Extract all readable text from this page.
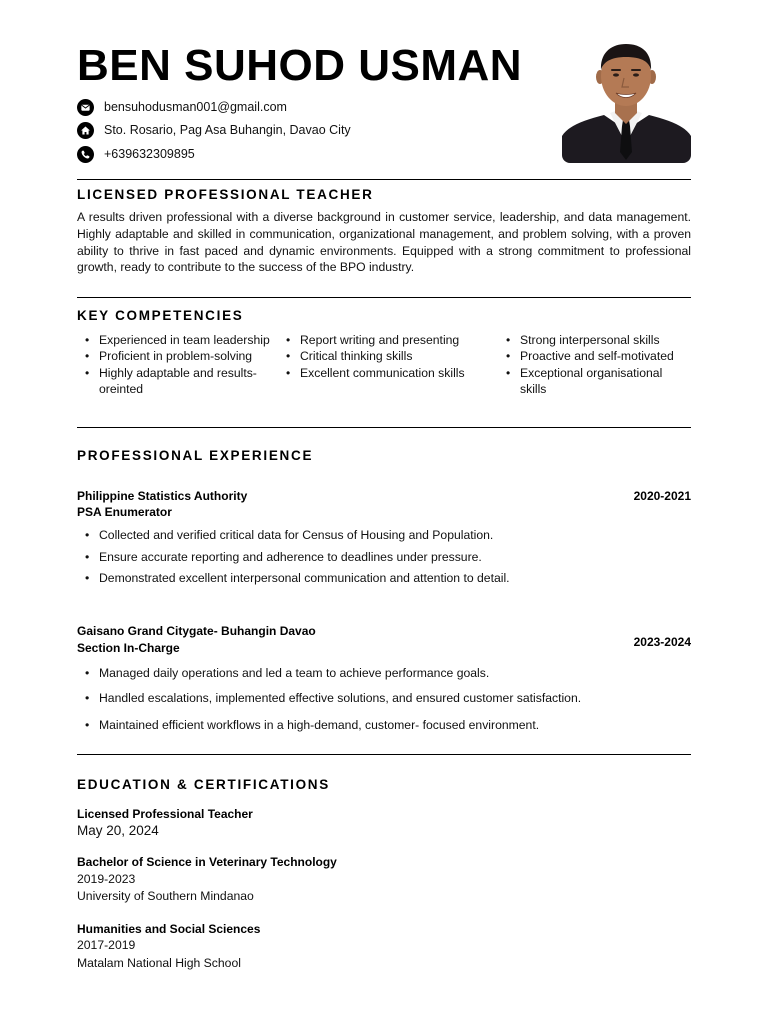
BEN SUHOD USMAN
bensuhodusman001@gmail.com
Sto. Rosario, Pag Asa Buhangin, Davao City
+639632309895
LICENSED PROFESSIONAL TEACHER
A results driven professional with a diverse background in customer service, leadership, and data management. Highly adaptable and skilled in communication, organizational management, and problem solving, with a proven ability to thrive in fast paced and dynamic environments. Equipped with a strong commitment to professional growth, ready to contribute to the success of the BPO industry.
KEY COMPETENCIES
• Experienced in team leadership
• Proficient in problem-solving
• Highly adaptable and results-oreinted
• Report writing and presenting
• Critical thinking skills
• Excellent communication skills
• Strong interpersonal skills
• Proactive and self-motivated
• Exceptional organisational skills
PROFESSIONAL EXPERIENCE
Philippine Statistics Authority
PSA Enumerator
2020-2021
• Collected and verified critical data for Census of Housing and Population.
• Ensure accurate reporting and adherence to deadlines under pressure.
• Demonstrated excellent interpersonal communication and attention to detail.
Gaisano Grand Citygate- Buhangin Davao
Section In-Charge	2023-2024
• Managed daily operations and led a team to achieve performance goals.
• Handled escalations, implemented effective solutions, and ensured customer satisfaction.
• Maintained efficient workflows in a high-demand, customer- focused environment.
EDUCATION & CERTIFICATIONS
Licensed Professional Teacher
May 20, 2024
Bachelor of Science in Veterinary Technology
2019-2023
University of Southern Mindanao
Humanities and Social Sciences
2017-2019
Matalam National High School
